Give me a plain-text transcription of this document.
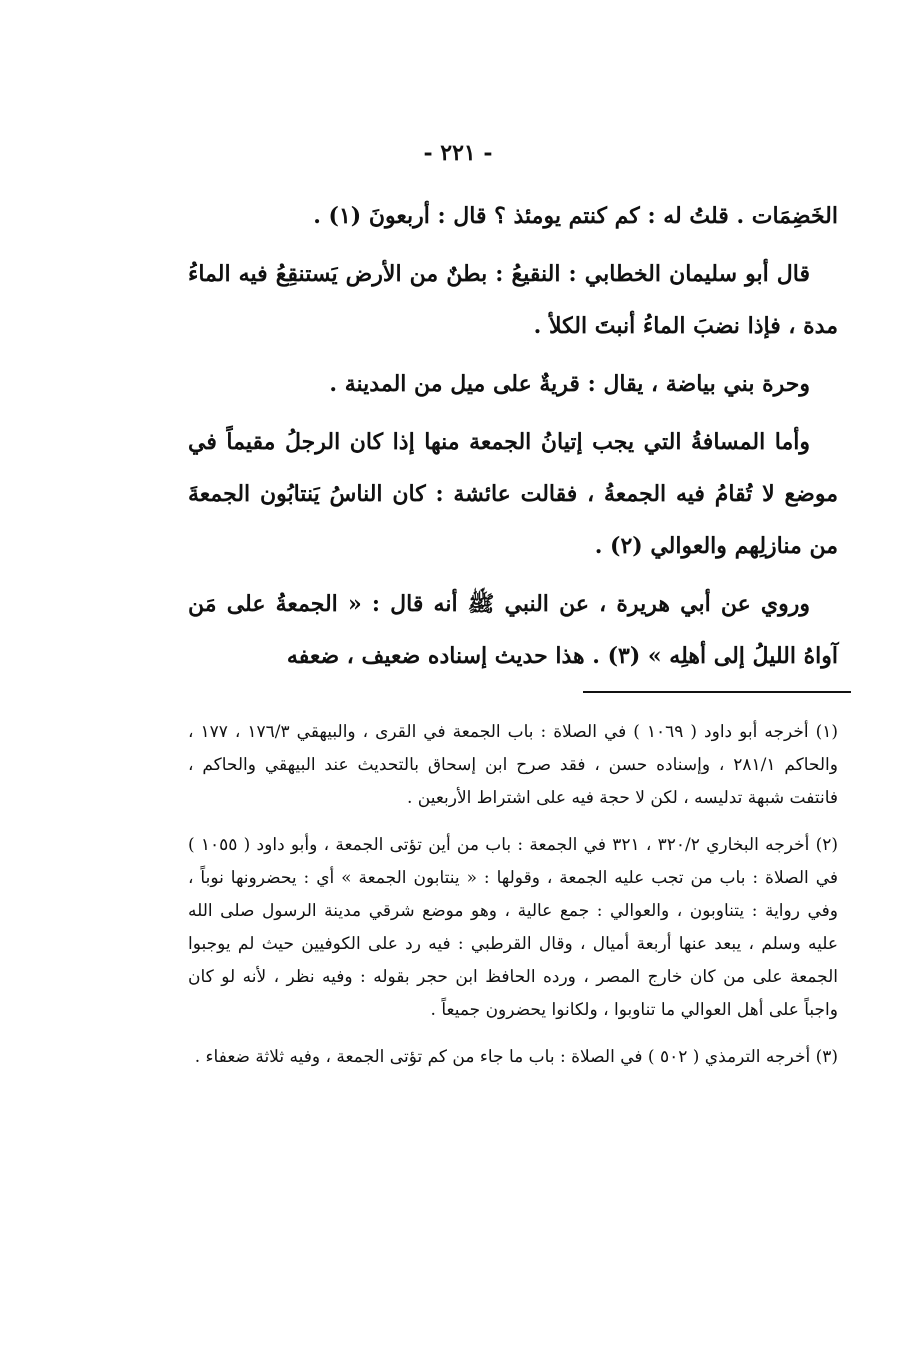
- ٢٢١ -

الخَضِمَات . قلتُ له : كم كنتم يومئذ ؟ قال : أربعونَ (١) .

قال أبو سليمان الخطابي : النقيعُ : بطنٌ من الأرض يَستنقِعُ فيه الماءُ مدة ، فإذا نضبَ الماءُ أنبتَ الكلأ .

وحرة بني بياضة ، يقال : قريةٌ على ميل من المدينة .

وأما المسافةُ التي يجب إتيانُ الجمعة منها إذا كان الرجلُ مقيماً في موضع لا تُقامُ فيه الجمعةُ ، فقالت عائشة : كان الناسُ يَنتابُون الجمعةَ من منازلِهم والعوالي (٢) .

وروي عن أبي هريرة ، عن النبي ﷺ أنه قال : « الجمعةُ على مَن آواهُ الليلُ إلى أهلِه » (٣) . هذا حديث إسناده ضعيف ، ضعفه

(١) أخرجه أبو داود ( ١٠٦٩ ) في الصلاة : باب الجمعة في القرى ، والبيهقي ١٧٦/٣ ، ١٧٧ ، والحاكم ٢٨١/١ ، وإسناده حسن ، فقد صرح ابن إسحاق بالتحديث عند البيهقي والحاكم ، فانتفت شبهة تدليسه ، لكن لا حجة فيه على اشتراط الأربعين .

(٢) أخرجه البخاري ٣٢٠/٢ ، ٣٢١ في الجمعة : باب من أين تؤتى الجمعة ، وأبو داود ( ١٠٥٥ ) في الصلاة : باب من تجب عليه الجمعة ، وقولها : « ينتابون الجمعة » أي : يحضرونها نوباً ، وفي رواية : يتناوبون ، والعوالي : جمع عالية ، وهو موضع شرقي مدينة الرسول صلى الله عليه وسلم ، يبعد عنها أربعة أميال ، وقال القرطبي : فيه رد على الكوفيين حيث لم يوجبوا الجمعة على من كان خارج المصر ، ورده الحافظ ابن حجر بقوله : وفيه نظر ، لأنه لو كان واجباً على أهل العوالي ما تناوبوا ، ولكانوا يحضرون جميعاً .

(٣) أخرجه الترمذي ( ٥٠٢ ) في الصلاة : باب ما جاء من كم تؤتى الجمعة ، وفيه ثلاثة ضعفاء .
